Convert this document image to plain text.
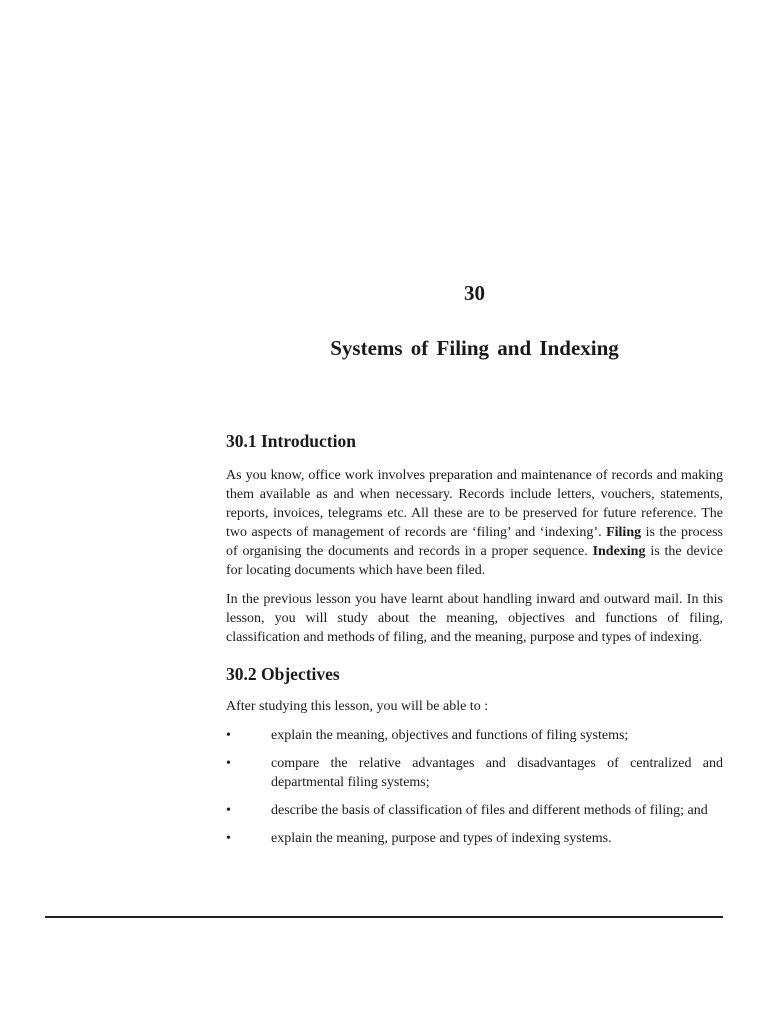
30
Systems of Filing and Indexing
30.1 Introduction

As you know, office work involves preparation and maintenance of records and making them available as and when necessary. Records include letters, vouchers, statements, reports, invoices, telegrams etc. All these are to be preserved for future reference. The two aspects of management of records are ‘filing’ and ‘indexing’. Filing is the process of organising the documents and records in a proper sequence. Indexing is the device for locating documents which have been filed.

In the previous lesson you have learnt about handling inward and outward mail. In this lesson, you will study about the meaning, objectives and functions of filing, classification and methods of filing, and the meaning, purpose and types of indexing.

30.2 Objectives

After studying this lesson, you will be able to :

•	explain the meaning, objectives and functions of filing systems;
•	compare the relative advantages and disadvantages of centralized and departmental filing systems;
•	describe the basis of classification of files and different methods of filing; and
•	explain the meaning, purpose and types of indexing systems.
